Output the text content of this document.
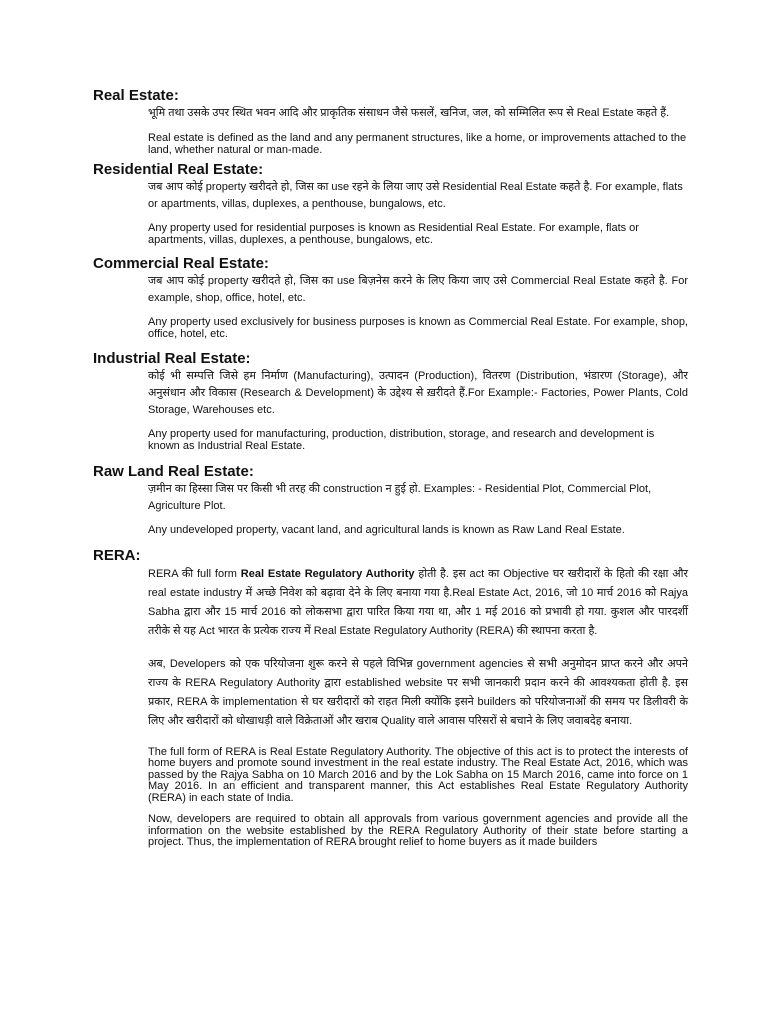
Real Estate:

भूमि तथा उसके उपर स्थित भवन आदि और प्राकृतिक संसाधन जैसे फसलें, खनिज, जल, को सम्मिलित रूप से Real Estate कहते हैं.

Real estate is defined as the land and any permanent structures, like a home, or improvements attached to the land, whether natural or man-made.

Residential Real Estate:

जब आप कोई property खरीदते हो, जिस का use रहने के लिया जाए उसे Residential Real Estate कहते है. For example, flats or apartments, villas, duplexes, a penthouse, bungalows, etc.

Any property used for residential purposes is known as Residential Real Estate. For example, flats or apartments, villas, duplexes, a penthouse, bungalows, etc.

Commercial Real Estate:

जब आप कोई property खरीदते हो, जिस का use बिज़नेस करने के लिए किया जाए उसे Commercial Real Estate कहते है. For example, shop, office, hotel, etc.

Any property used exclusively for business purposes is known as Commercial Real Estate. For example, shop, office, hotel, etc.

Industrial Real Estate:

कोई भी सम्पत्ति जिसे हम निर्माण (Manufacturing), उत्पादन (Production), वितरण (Distribution, भंडारण (Storage), और अनुसंधान और विकास (Research & Development) के उद्देश्य से ख़रीदते हैं.For Example:- Factories, Power Plants, Cold Storage, Warehouses etc.

Any property used for manufacturing, production, distribution, storage, and research and development is known as Industrial Real Estate.

Raw Land Real Estate:

ज़मीन का हिस्सा जिस पर किसी भी तरह की construction न हुई हो. Examples: - Residential Plot, Commercial Plot, Agriculture Plot.

Any undeveloped property, vacant land, and agricultural lands is known as Raw Land Real Estate.

RERA:

RERA की full form Real Estate Regulatory Authority होती है. इस act का Objective घर खरीदारों के हितो की रक्षा और real estate industry में अच्छे निवेश को बढ़ावा देने के लिए बनाया गया है.Real Estate Act, 2016, जो 10 मार्च 2016 को Rajya Sabha द्वारा और 15 मार्च 2016 को लोकसभा द्वारा पारित किया गया था, और 1 मई 2016 को प्रभावी हो गया. कुशल और पारदर्शी तरीके से यह Act भारत के प्रत्येक राज्य में Real Estate Regulatory Authority (RERA) की स्थापना करता है.

अब, Developers को एक परियोजना शुरू करने से पहले विभिन्न government agencies से सभी अनुमोदन प्राप्त करने और अपने राज्य के RERA Regulatory Authority द्वारा established website पर सभी जानकारी प्रदान करने की आवश्यकता होती है. इस प्रकार, RERA के implementation से घर खरीदारों को राहत मिली क्योंकि इसने builders को परियोजनाओं की समय पर डिलीवरी के लिए और खरीदारों को धोखाधड़ी वाले विक्रेताओं और खराब Quality वाले आवास परिसरों से बचाने के लिए जवाबदेह बनाया.

The full form of RERA is Real Estate Regulatory Authority. The objective of this act is to protect the interests of home buyers and promote sound investment in the real estate industry. The Real Estate Act, 2016, which was passed by the Rajya Sabha on 10 March 2016 and by the Lok Sabha on 15 March 2016, came into force on 1 May 2016. In an efficient and transparent manner, this Act establishes Real Estate Regulatory Authority (RERA) in each state of India.

Now, developers are required to obtain all approvals from various government agencies and provide all the information on the website established by the RERA Regulatory Authority of their state before starting a project. Thus, the implementation of RERA brought relief to home buyers as it made builders
